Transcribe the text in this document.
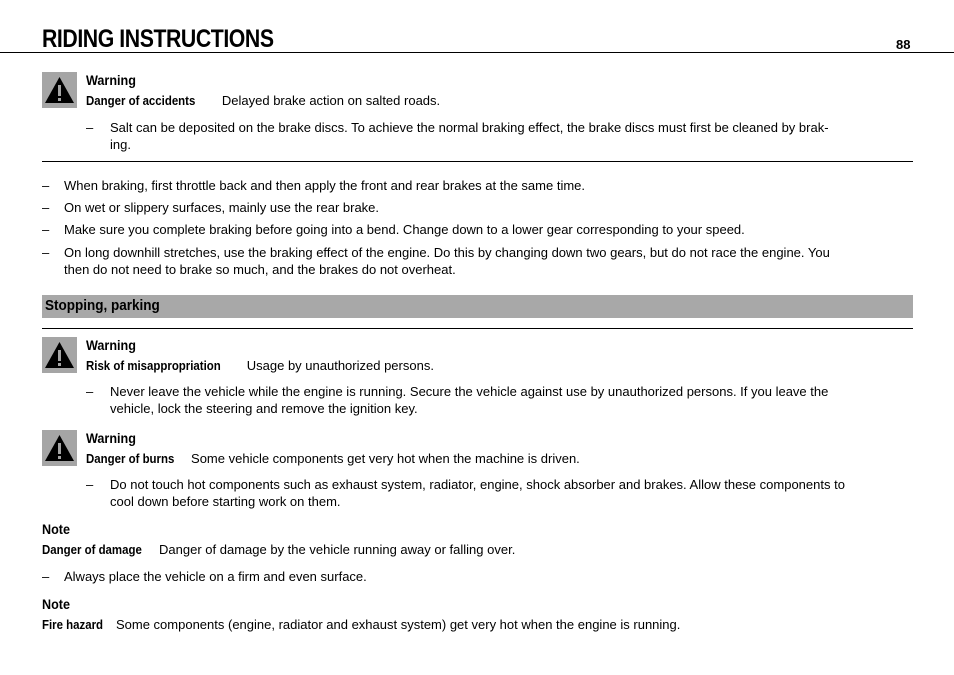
RIDING INSTRUCTIONS	88
Warning
Danger of accidents Delayed brake action on salted roads.
– Salt can be deposited on the brake discs. To achieve the normal braking effect, the brake discs must first be cleaned by brak-
ing.
– When braking, first throttle back and then apply the front and rear brakes at the same time.
– On wet or slippery surfaces, mainly use the rear brake.
– Make sure you complete braking before going into a bend. Change down to a lower gear corresponding to your speed.
– On long downhill stretches, use the braking effect of the engine. Do this by changing down two gears, but do not race the engine. You
then do not need to brake so much, and the brakes do not overheat.
Stopping, parking
Warning
Risk of misappropriation Usage by unauthorized persons.
– Never leave the vehicle while the engine is running. Secure the vehicle against use by unauthorized persons. If you leave the
vehicle, lock the steering and remove the ignition key.
Warning
Danger of burns Some vehicle components get very hot when the machine is driven.
– Do not touch hot components such as exhaust system, radiator, engine, shock absorber and brakes. Allow these components to
cool down before starting work on them.
Note
Danger of damage Danger of damage by the vehicle running away or falling over.
– Always place the vehicle on a firm and even surface.
Note
Fire hazard Some components (engine, radiator and exhaust system) get very hot when the engine is running.
